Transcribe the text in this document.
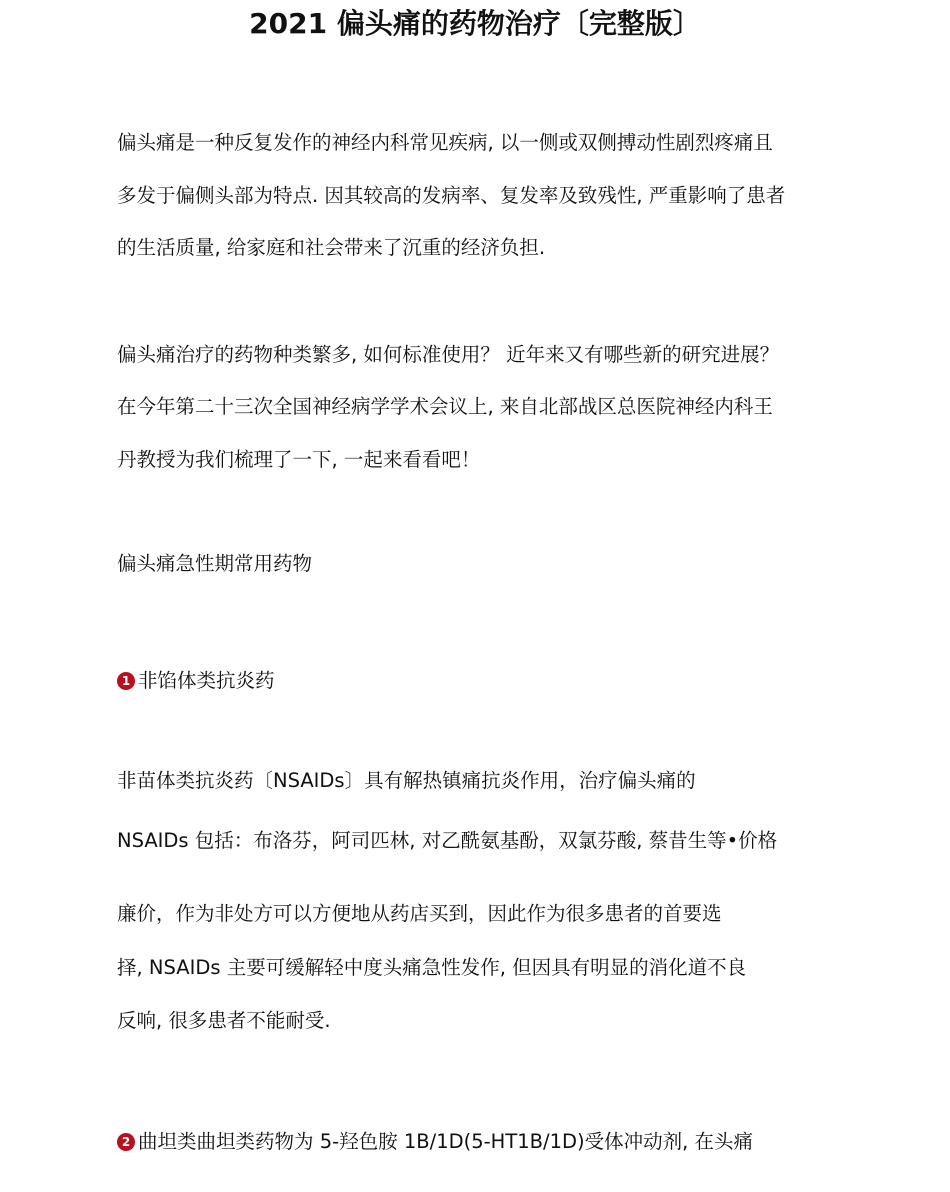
2021 偏头痛的药物治疗〔完整版〕
偏头痛是一种反复发作的神经内科常见疾病, 以一侧或双侧搏动性剧烈疼痛且
多发于偏侧头部为特点. 因其较高的发病率、复发率及致残性, 严重影响了患者
的生活质量, 给家庭和社会带来了沉重的经济负担.
偏头痛治疗的药物种类繁多, 如何标准使用？ 近年来又有哪些新的研究进展？
在今年第二十三次全国神经病学学术会议上, 来自北部战区总医院神经内科王
丹教授为我们梳理了一下, 一起来看看吧！
偏头痛急性期常用药物
1 非馅体类抗炎药
非苗体类抗炎药〔NSAIDs〕具有解热镇痛抗炎作用，治疗偏头痛的
NSAIDs 包括：布洛芬，阿司匹林, 对乙酰氨基酚，双氯芬酸, 蔡昔生等•价格
廉价，作为非处方可以方便地从药店买到，因此作为很多患者的首要选
择, NSAIDs 主要可缓解轻中度头痛急性发作, 但因具有明显的消化道不良
反响, 很多患者不能耐受.
2 曲坦类曲坦类药物为 5-羟色胺 1B/1D(5-HT1B/1D)受体冲动剂, 在头痛
